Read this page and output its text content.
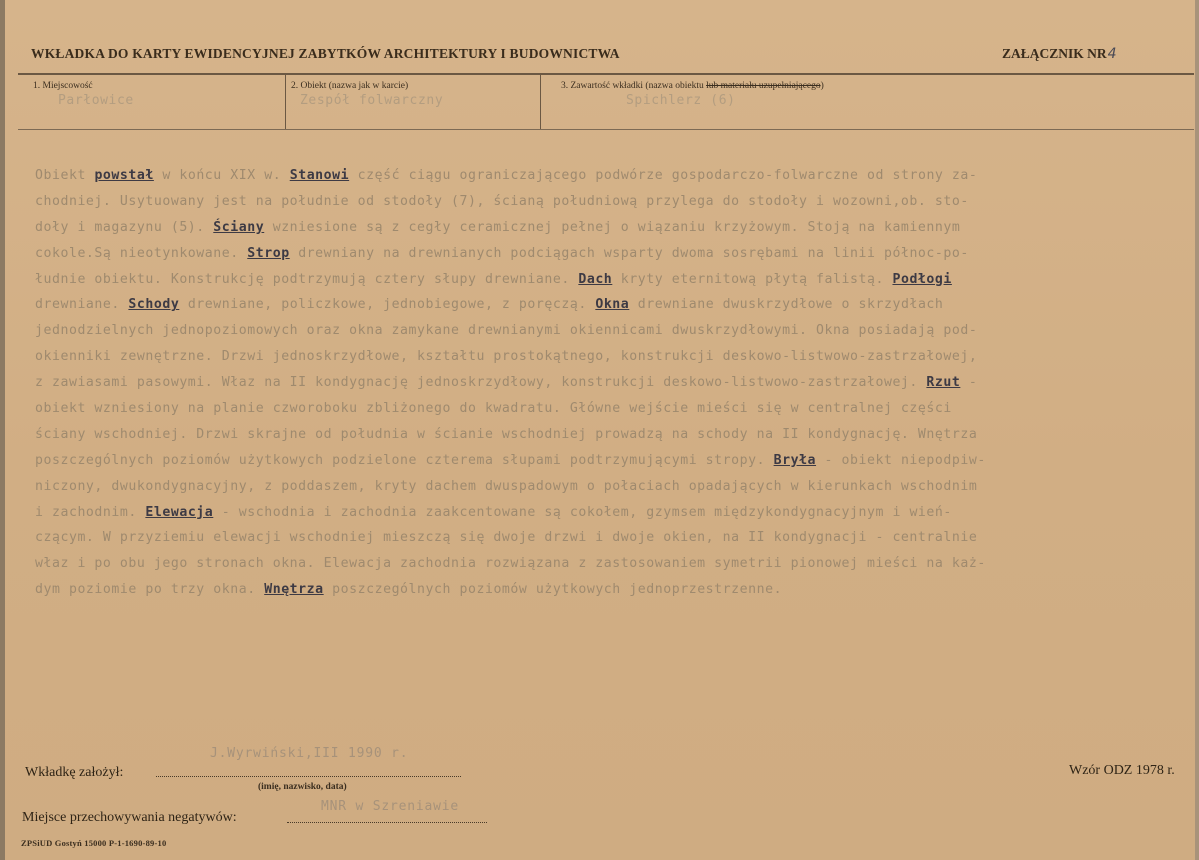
WKŁADKA DO KARTY EWIDENCYJNEJ ZABYTKÓW ARCHITEKTURY I BUDOWNICTWA	ZAŁĄCZNIK NR4
1. Miejscowość
Parłowice
2. Obiekt (nazwa jak w karcie)
Zespół folwarczny
3. Zawartość wkładki (nazwa obiektu lub materiału uzupełniającego)
Spichlerz (6)
Obiekt powstał w końcu XIX w. Stanowi część ciągu ograniczającego podwórze gospodarczo-folwarczne od strony za-
chodniej. Usytuowany jest na południe od stodoły (7), ścianą południową przylega do stodoły i wozowni,ob. sto-
doły i magazynu (5). Ściany wzniesione są z cegły ceramicznej pełnej o wiązaniu krzyżowym. Stoją na kamiennym
cokole.Są nieotynkowane. Strop drewniany na drewnianych podciągach wsparty dwoma sosrębami na linii północ-po-
łudnie obiektu. Konstrukcję podtrzymują cztery słupy drewniane. Dach kryty eternitową płytą falistą. Podłogi
drewniane. Schody drewniane, policzkowe, jednobiegowe, z poręczą. Okna drewniane dwuskrzydłowe o skrzydłach
jednodzielnych jednopoziomowych oraz okna zamykane drewnianymi okiennicami dwuskrzydłowymi. Okna posiadają pod-
okienniki zewnętrzne. Drzwi jednoskrzydłowe, kształtu prostokątnego, konstrukcji deskowo-listwowo-zastrzałowej,
z zawiasami pasowymi. Właz na II kondygnację jednoskrzydłowy, konstrukcji deskowo-listwowo-zastrzałowej. Rzut -
obiekt wzniesiony na planie czworoboku zbliżonego do kwadratu. Główne wejście mieści się w centralnej części
ściany wschodniej. Drzwi skrajne od południa w ścianie wschodniej prowadzą na schody na II kondygnację. Wnętrza
poszczególnych poziomów użytkowych podzielone czterema słupami podtrzymującymi stropy. Bryła - obiekt niepodpiw-
niczony, dwukondygnacyjny, z poddaszem, kryty dachem dwuspadowym o połaciach opadających w kierunkach wschodnim
i zachodnim. Elewacja - wschodnia i zachodnia zaakcentowane są cokołem, gzymsem międzykondygnacyjnym i wień-
czącym. W przyziemiu elewacji wschodniej mieszczą się dwoje drzwi i dwoje okien, na II kondygnacji - centralnie
właz i po obu jego stronach okna. Elewacja zachodnia rozwiązana z zastosowaniem symetrii pionowej mieści na każ-
dym poziomie po trzy okna. Wnętrza poszczególnych poziomów użytkowych jednoprzestrzenne.
J.Wyrwiński,III 1990 r.
Wkładkę założył:
(imię, nazwisko, data)
MNR w Szreniawie
Miejsce przechowywania negatywów:
Wzór ODZ 1978 r.
ZPSiUD Gostyń 15000 P-1-1690-89-10
